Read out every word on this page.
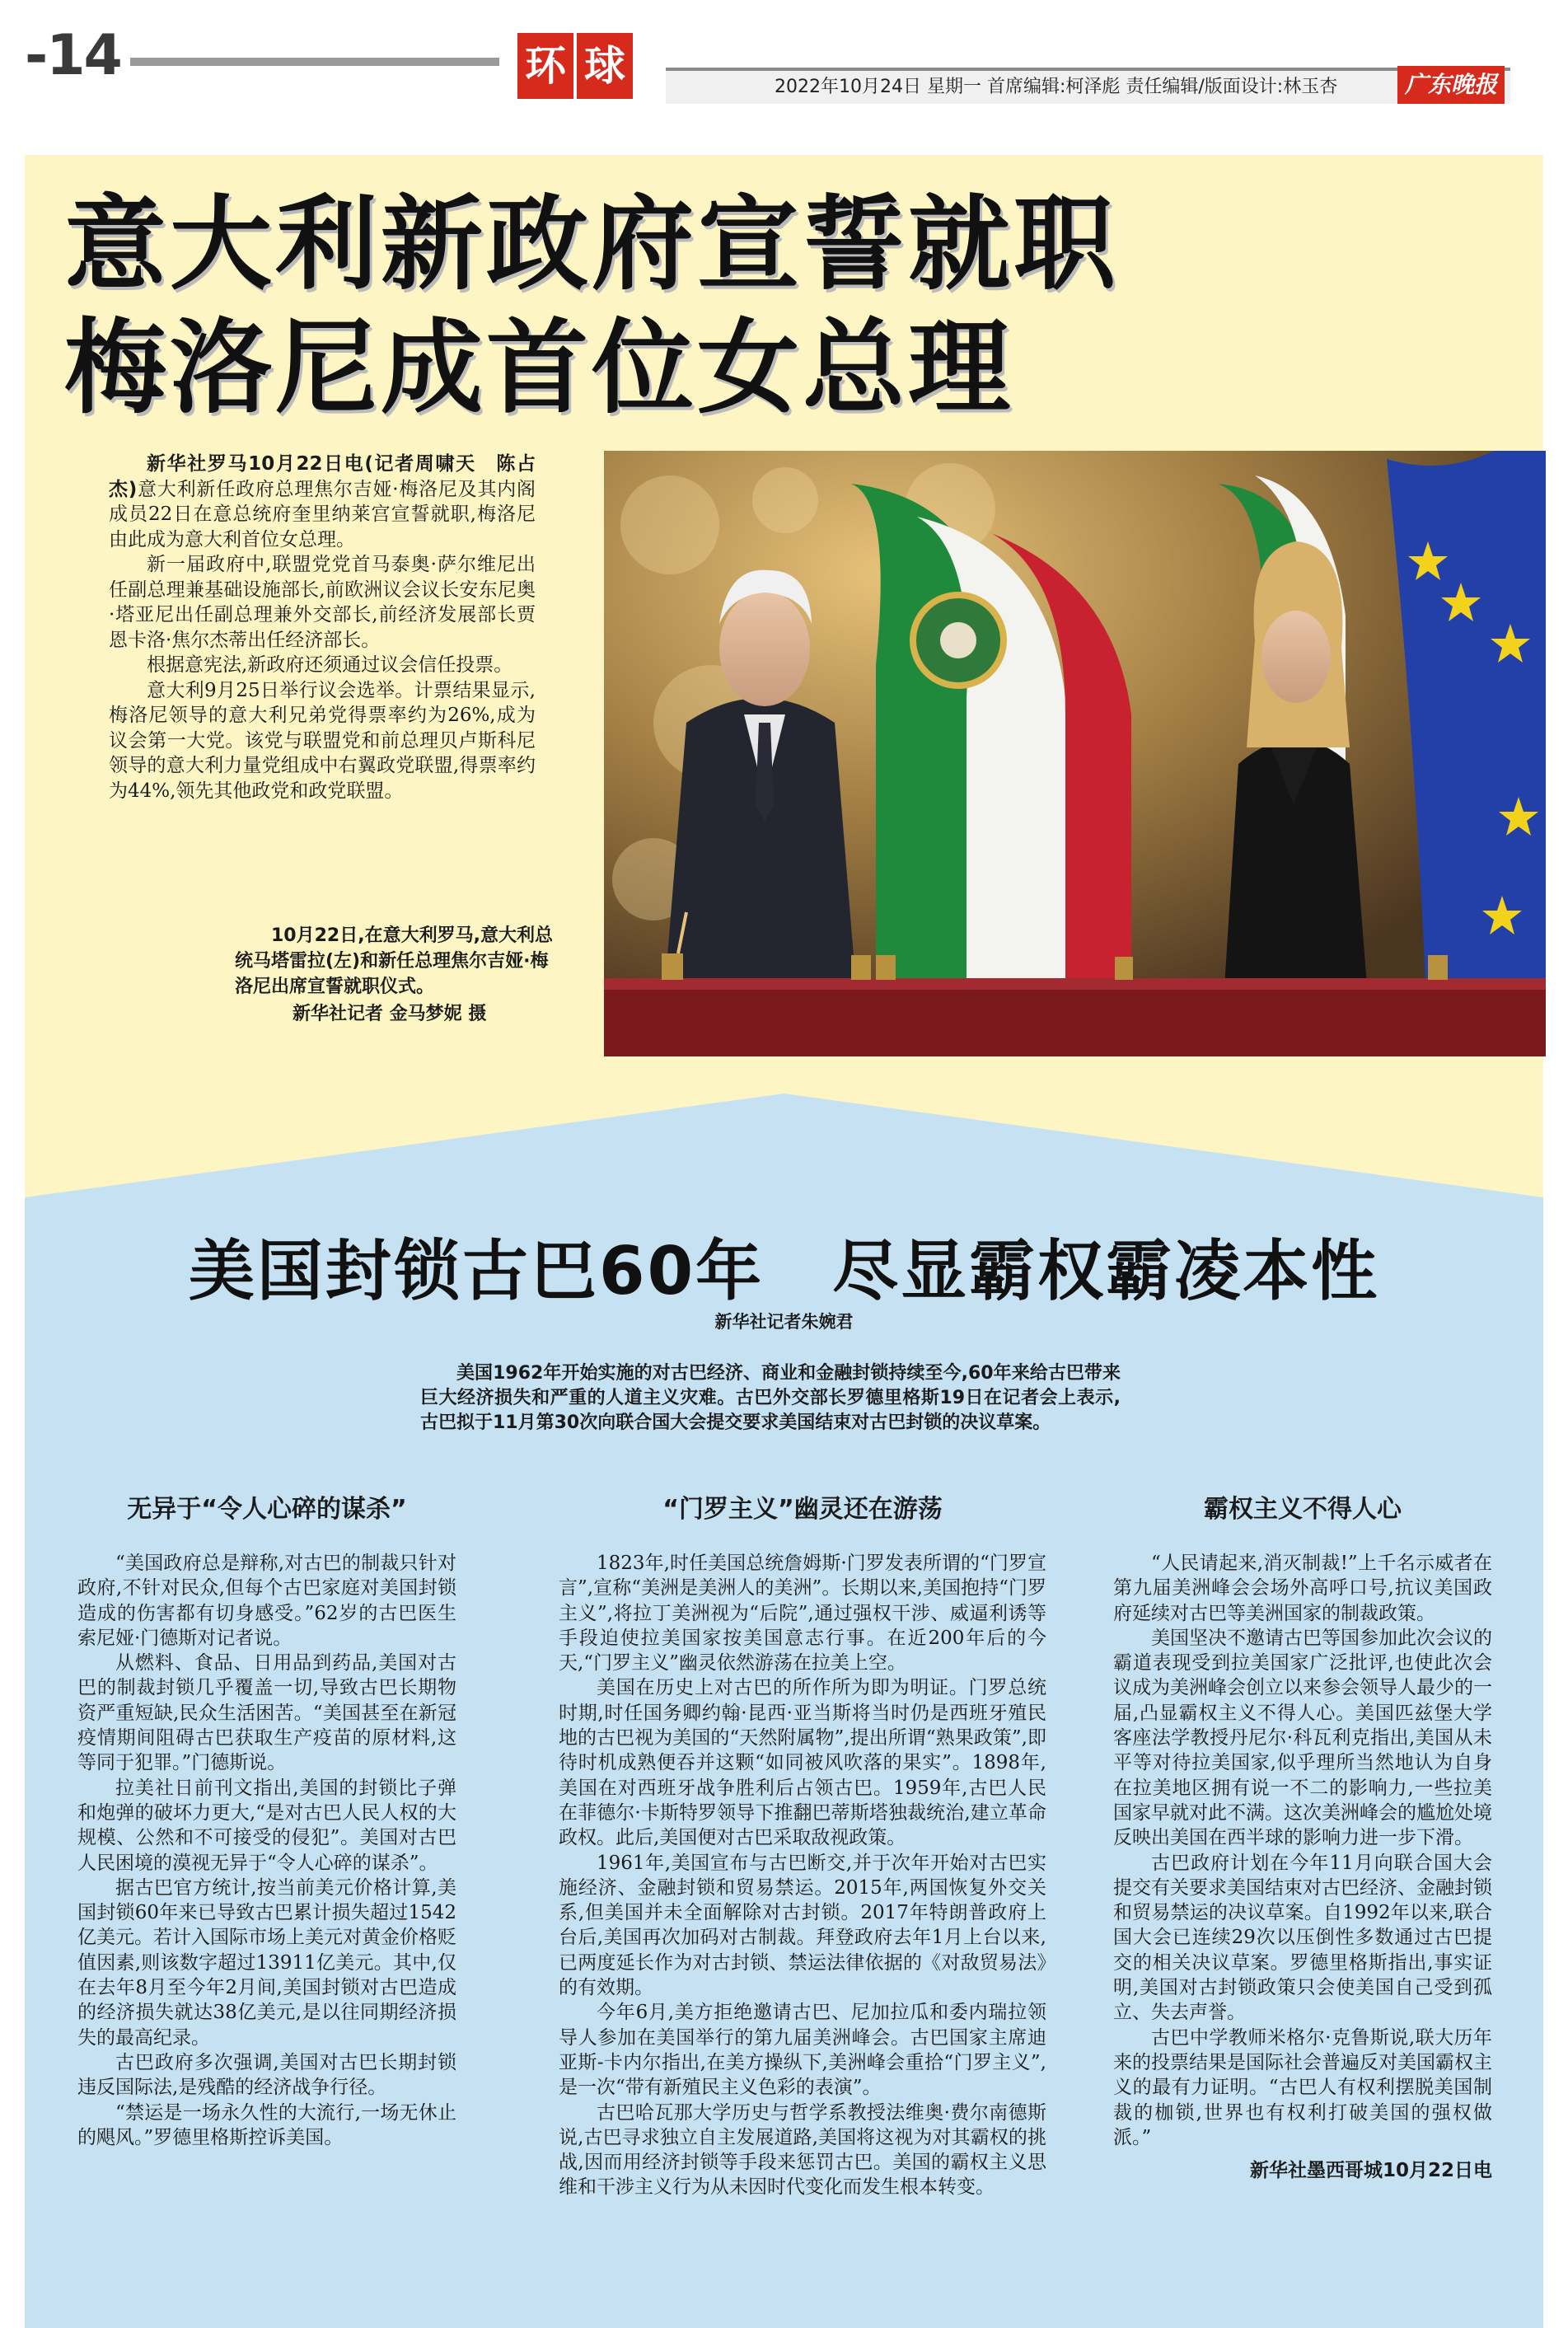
-14	环 球	2022年10月24日 星期一 首席编辑:柯泽彪 责任编辑/版面设计:林玉杏	广东晚报
意大利新政府宣誓就职
梅洛尼成首位女总理

新华社罗马10月22日电(记者周啸天　陈占杰)意大利新任政府总理焦尔吉娅·梅洛尼及其内阁成员22日在意总统府奎里纳莱宫宣誓就职,梅洛尼由此成为意大利首位女总理。

新一届政府中,联盟党党首马泰奥·萨尔维尼出任副总理兼基础设施部长,前欧洲议会议长安东尼奥·塔亚尼出任副总理兼外交部长,前经济发展部长贾恩卡洛·焦尔杰蒂出任经济部长。

根据意宪法,新政府还须通过议会信任投票。

意大利9月25日举行议会选举。计票结果显示,梅洛尼领导的意大利兄弟党得票率约为26%,成为议会第一大党。该党与联盟党和前总理贝卢斯科尼领导的意大利力量党组成中右翼政党联盟,得票率约为44%,领先其他政党和政党联盟。

10月22日,在意大利罗马,意大利总统马塔雷拉(左)和新任总理焦尔吉娅·梅洛尼出席宣誓就职仪式。
新华社记者 金马梦妮 摄
美国封锁古巴60年　尽显霸权霸凌本性
新华社记者朱婉君
美国1962年开始实施的对古巴经济、商业和金融封锁持续至今,60年来给古巴带来巨大经济损失和严重的人道主义灾难。古巴外交部长罗德里格斯19日在记者会上表示,古巴拟于11月第30次向联合国大会提交要求美国结束对古巴封锁的决议草案。
无异于“令人心碎的谋杀”

“美国政府总是辩称,对古巴的制裁只针对政府,不针对民众,但每个古巴家庭对美国封锁造成的伤害都有切身感受。”62岁的古巴医生索尼娅·门德斯对记者说。

从燃料、食品、日用品到药品,美国对古巴的制裁封锁几乎覆盖一切,导致古巴长期物资严重短缺,民众生活困苦。“美国甚至在新冠疫情期间阻碍古巴获取生产疫苗的原材料,这等同于犯罪。”门德斯说。

拉美社日前刊文指出,美国的封锁比子弹和炮弹的破坏力更大,“是对古巴人民人权的大规模、公然和不可接受的侵犯”。美国对古巴人民困境的漠视无异于“令人心碎的谋杀”。

据古巴官方统计,按当前美元价格计算,美国封锁60年来已导致古巴累计损失超过1542亿美元。若计入国际市场上美元对黄金价格贬值因素,则该数字超过13911亿美元。其中,仅在去年8月至今年2月间,美国封锁对古巴造成的经济损失就达38亿美元,是以往同期经济损失的最高纪录。

古巴政府多次强调,美国对古巴长期封锁违反国际法,是残酷的经济战争行径。

“禁运是一场永久性的大流行,一场无休止的飓风。”罗德里格斯控诉美国。

“门罗主义”幽灵还在游荡

1823年,时任美国总统詹姆斯·门罗发表所谓的“门罗宣言”,宣称“美洲是美洲人的美洲”。长期以来,美国抱持“门罗主义”,将拉丁美洲视为“后院”,通过强权干涉、威逼利诱等手段迫使拉美国家按美国意志行事。在近200年后的今天,“门罗主义”幽灵依然游荡在拉美上空。

美国在历史上对古巴的所作所为即为明证。门罗总统时期,时任国务卿约翰·昆西·亚当斯将当时仍是西班牙殖民地的古巴视为美国的“天然附属物”,提出所谓“熟果政策”,即待时机成熟便吞并这颗“如同被风吹落的果实”。1898年,美国在对西班牙战争胜利后占领古巴。1959年,古巴人民在菲德尔·卡斯特罗领导下推翻巴蒂斯塔独裁统治,建立革命政权。此后,美国便对古巴采取敌视政策。

1961年,美国宣布与古巴断交,并于次年开始对古巴实施经济、金融封锁和贸易禁运。2015年,两国恢复外交关系,但美国并未全面解除对古封锁。2017年特朗普政府上台后,美国再次加码对古制裁。拜登政府去年1月上台以来,已两度延长作为对古封锁、禁运法律依据的《对敌贸易法》的有效期。

今年6月,美方拒绝邀请古巴、尼加拉瓜和委内瑞拉领导人参加在美国举行的第九届美洲峰会。古巴国家主席迪亚斯-卡内尔指出,在美方操纵下,美洲峰会重拾“门罗主义”,是一次“带有新殖民主义色彩的表演”。

古巴哈瓦那大学历史与哲学系教授法维奥·费尔南德斯说,古巴寻求独立自主发展道路,美国将这视为对其霸权的挑战,因而用经济封锁等手段来惩罚古巴。美国的霸权主义思维和干涉主义行为从未因时代变化而发生根本转变。

霸权主义不得人心

“人民请起来,消灭制裁!”上千名示威者在第九届美洲峰会会场外高呼口号,抗议美国政府延续对古巴等美洲国家的制裁政策。

美国坚决不邀请古巴等国参加此次会议的霸道表现受到拉美国家广泛批评,也使此次会议成为美洲峰会创立以来参会领导人最少的一届,凸显霸权主义不得人心。美国匹兹堡大学客座法学教授丹尼尔·科瓦利克指出,美国从未平等对待拉美国家,似乎理所当然地认为自身在拉美地区拥有说一不二的影响力,一些拉美国家早就对此不满。这次美洲峰会的尴尬处境反映出美国在西半球的影响力进一步下滑。

古巴政府计划在今年11月向联合国大会提交有关要求美国结束对古巴经济、金融封锁和贸易禁运的决议草案。自1992年以来,联合国大会已连续29次以压倒性多数通过古巴提交的相关决议草案。罗德里格斯指出,事实证明,美国对古封锁政策只会使美国自己受到孤立、失去声誉。

古巴中学教师米格尔·克鲁斯说,联大历年来的投票结果是国际社会普遍反对美国霸权主义的最有力证明。“古巴人有权利摆脱美国制裁的枷锁,世界也有权利打破美国的强权做派。”

新华社墨西哥城10月22日电
